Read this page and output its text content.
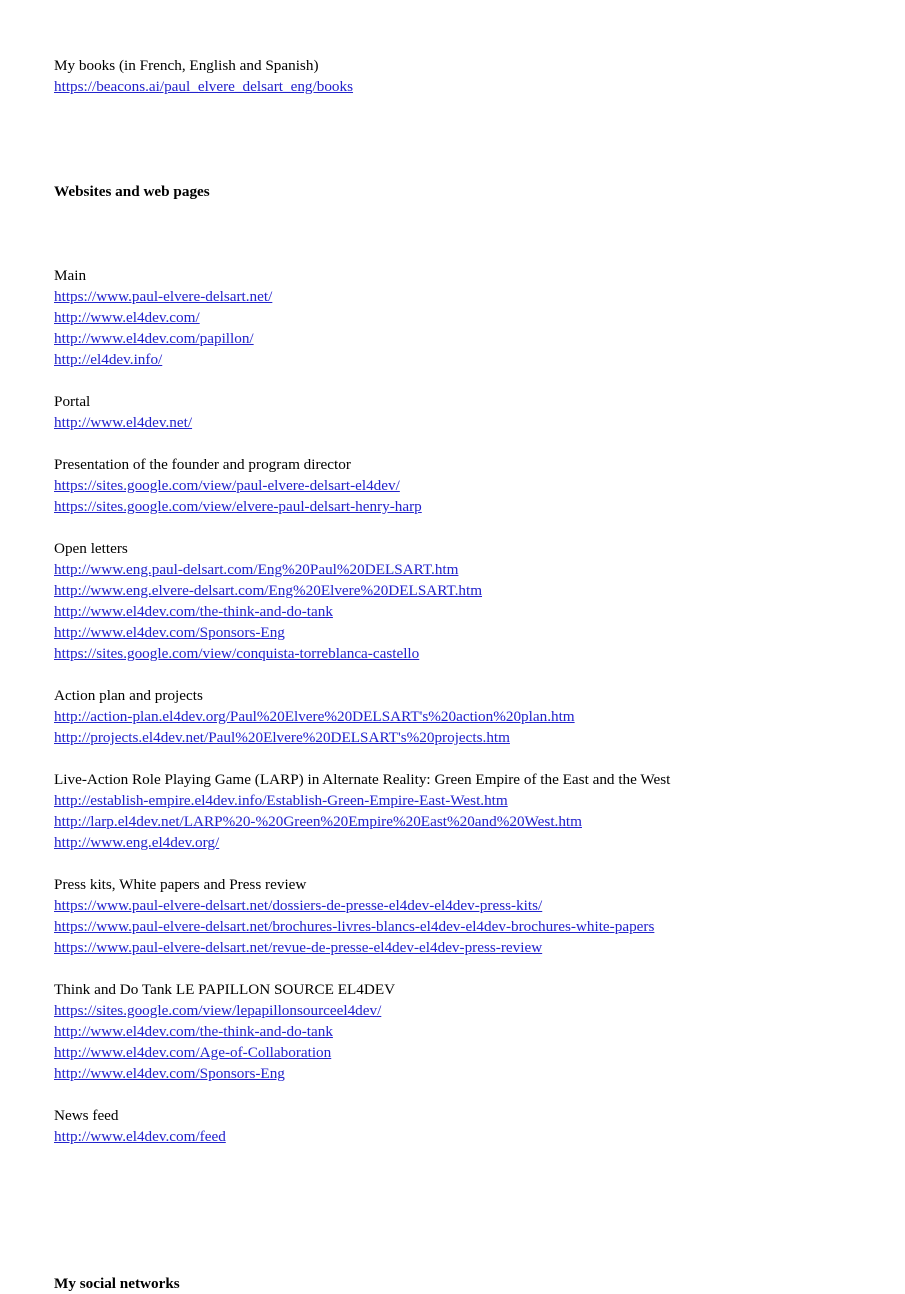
My books (in French, English and Spanish)

https://beacons.ai/paul_elvere_delsart_eng/books

Websites and web pages

Main

https://www.paul-elvere-delsart.net/

http://www.el4dev.com/

http://www.el4dev.com/papillon/

http://el4dev.info/

Portal

http://www.el4dev.net/

Presentation of the founder and program director

https://sites.google.com/view/paul-elvere-delsart-el4dev/

https://sites.google.com/view/elvere-paul-delsart-henry-harp

Open letters

http://www.eng.paul-delsart.com/Eng%20Paul%20DELSART.htm

http://www.eng.elvere-delsart.com/Eng%20Elvere%20DELSART.htm

http://www.el4dev.com/the-think-and-do-tank

http://www.el4dev.com/Sponsors-Eng

https://sites.google.com/view/conquista-torreblanca-castello

Action plan and projects

http://action-plan.el4dev.org/Paul%20Elvere%20DELSART's%20action%20plan.htm

http://projects.el4dev.net/Paul%20Elvere%20DELSART's%20projects.htm

Live-Action Role Playing Game (LARP) in Alternate Reality: Green Empire of the East and the West

http://establish-empire.el4dev.info/Establish-Green-Empire-East-West.htm

http://larp.el4dev.net/LARP%20-%20Green%20Empire%20East%20and%20West.htm

http://www.eng.el4dev.org/

Press kits, White papers and Press review

https://www.paul-elvere-delsart.net/dossiers-de-presse-el4dev-el4dev-press-kits/

https://www.paul-elvere-delsart.net/brochures-livres-blancs-el4dev-el4dev-brochures-white-papers

https://www.paul-elvere-delsart.net/revue-de-presse-el4dev-el4dev-press-review

Think and Do Tank LE PAPILLON SOURCE EL4DEV

https://sites.google.com/view/lepapillonsourceel4dev/

http://www.el4dev.com/the-think-and-do-tank

http://www.el4dev.com/Age-of-Collaboration

http://www.el4dev.com/Sponsors-Eng

News feed

http://www.el4dev.com/feed

My social networks
